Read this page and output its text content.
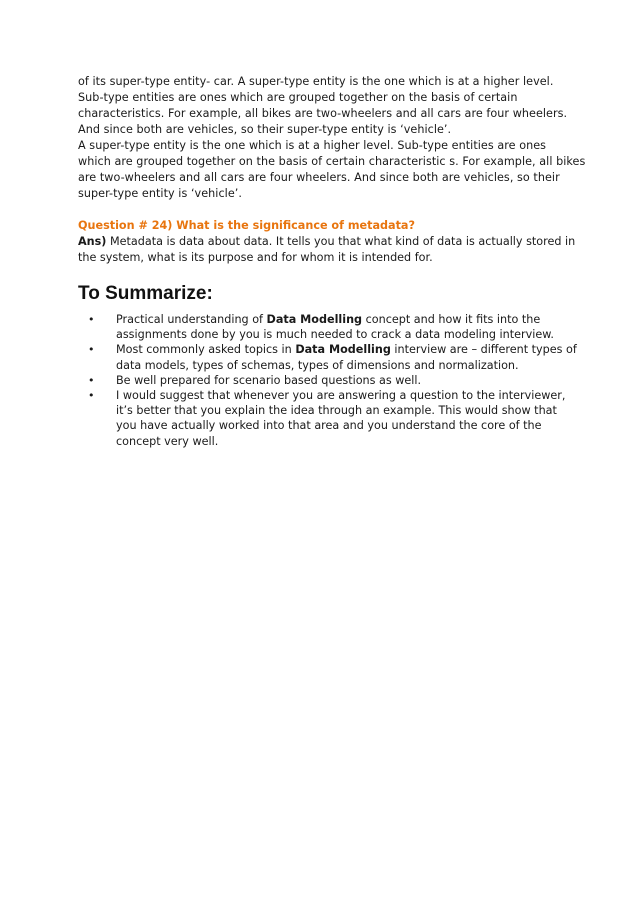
of its super-type entity- car. A super-type entity is the one which is at a higher level.
Sub-type entities are ones which are grouped together on the basis of certain
characteristics. For example, all bikes are two-wheelers and all cars are four wheelers.
And since both are vehicles, so their super-type entity is ‘vehicle’.
A super-type entity is the one which is at a higher level. Sub-type entities are ones
which are grouped together on the basis of certain characteristic s. For example, all bikes
are two-wheelers and all cars are four wheelers. And since both are vehicles, so their
super-type entity is ‘vehicle’.

Question # 24) What is the significance of metadata?

Ans) Metadata is data about data. It tells you that what kind of data is actually stored in
the system, what is its purpose and for whom it is intended for.

To Summarize:
• Practical understanding of Data Modelling concept and how it fits into the
assignments done by you is much needed to crack a data modeling interview.
• Most commonly asked topics in Data Modelling interview are – different types of
data models, types of schemas, types of dimensions and normalization.
• Be well prepared for scenario based questions as well.
• I would suggest that whenever you are answering a question to the interviewer,
it’s better that you explain the idea through an example. This would show that
you have actually worked into that area and you understand the core of the
concept very well.
